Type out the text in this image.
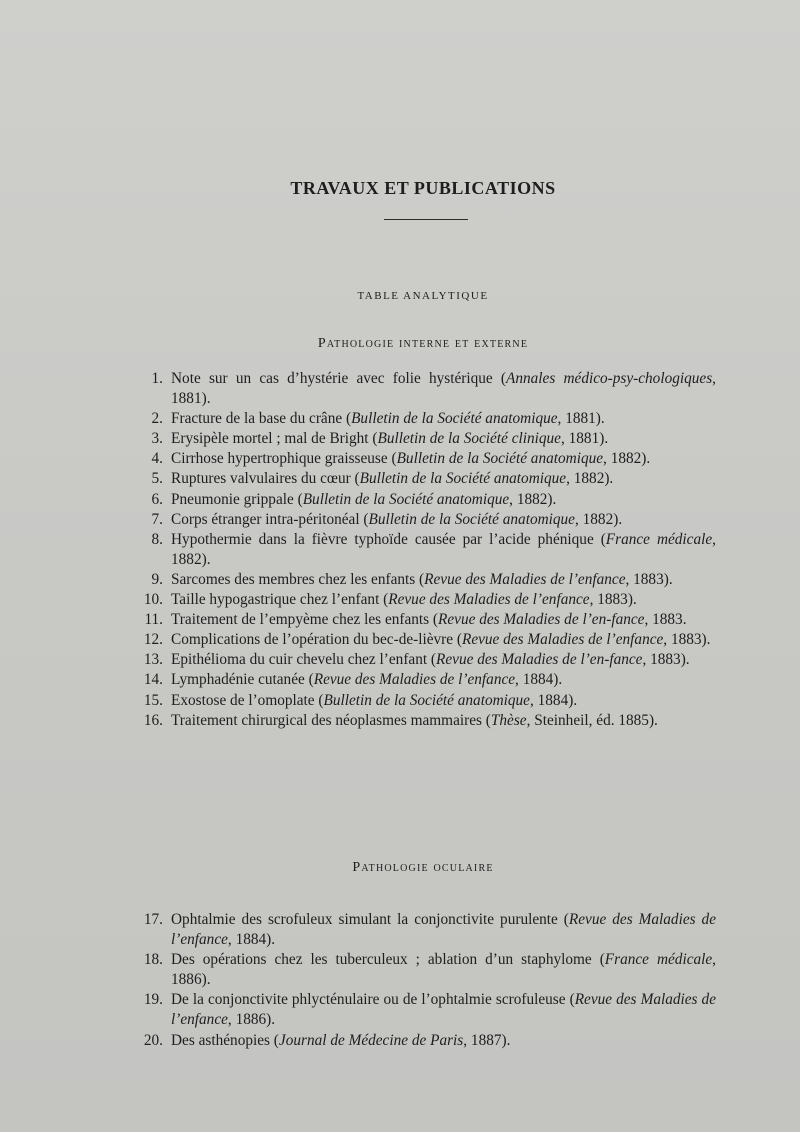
TRAVAUX ET PUBLICATIONS
TABLE ANALYTIQUE
Pathologie interne et externe
1. Note sur un cas d’hystérie avec folie hystérique (Annales médico-psy-chologiques, 1881).
2. Fracture de la base du crâne (Bulletin de la Société anatomique, 1881).
3. Erysipèle mortel ; mal de Bright (Bulletin de la Société clinique, 1881).
4. Cirrhose hypertrophique graisseuse (Bulletin de la Société anatomique, 1882).
5. Ruptures valvulaires du cœur (Bulletin de la Société anatomique, 1882).
6. Pneumonie grippale (Bulletin de la Société anatomique, 1882).
7. Corps étranger intra-péritonéal (Bulletin de la Société anatomique, 1882).
8. Hypothermie dans la fièvre typhoïde causée par l’acide phénique (France médicale, 1882).
9. Sarcomes des membres chez les enfants (Revue des Maladies de l’enfance, 1883).
10. Taille hypogastrique chez l’enfant (Revue des Maladies de l’enfance, 1883).
11. Traitement de l’empyème chez les enfants (Revue des Maladies de l’en-fance, 1883.
12. Complications de l’opération du bec-de-lièvre (Revue des Maladies de l’enfance, 1883).
13. Epithélioma du cuir chevelu chez l’enfant (Revue des Maladies de l’en-fance, 1883).
14. Lymphadénie cutanée (Revue des Maladies de l’enfance, 1884).
15. Exostose de l’omoplate (Bulletin de la Société anatomique, 1884).
16. Traitement chirurgical des néoplasmes mammaires (Thèse, Steinheil, éd. 1885).
Pathologie oculaire
17. Ophtalmie des scrofuleux simulant la conjonctivite purulente (Revue des Maladies de l’enfance, 1884).
18. Des opérations chez les tuberculeux ; ablation d’un staphylome (France médicale, 1886).
19. De la conjonctivite phlycténulaire ou de l’ophtalmie scrofuleuse (Revue des Maladies de l’enfance, 1886).
20. Des asthénopies (Journal de Médecine de Paris, 1887).
